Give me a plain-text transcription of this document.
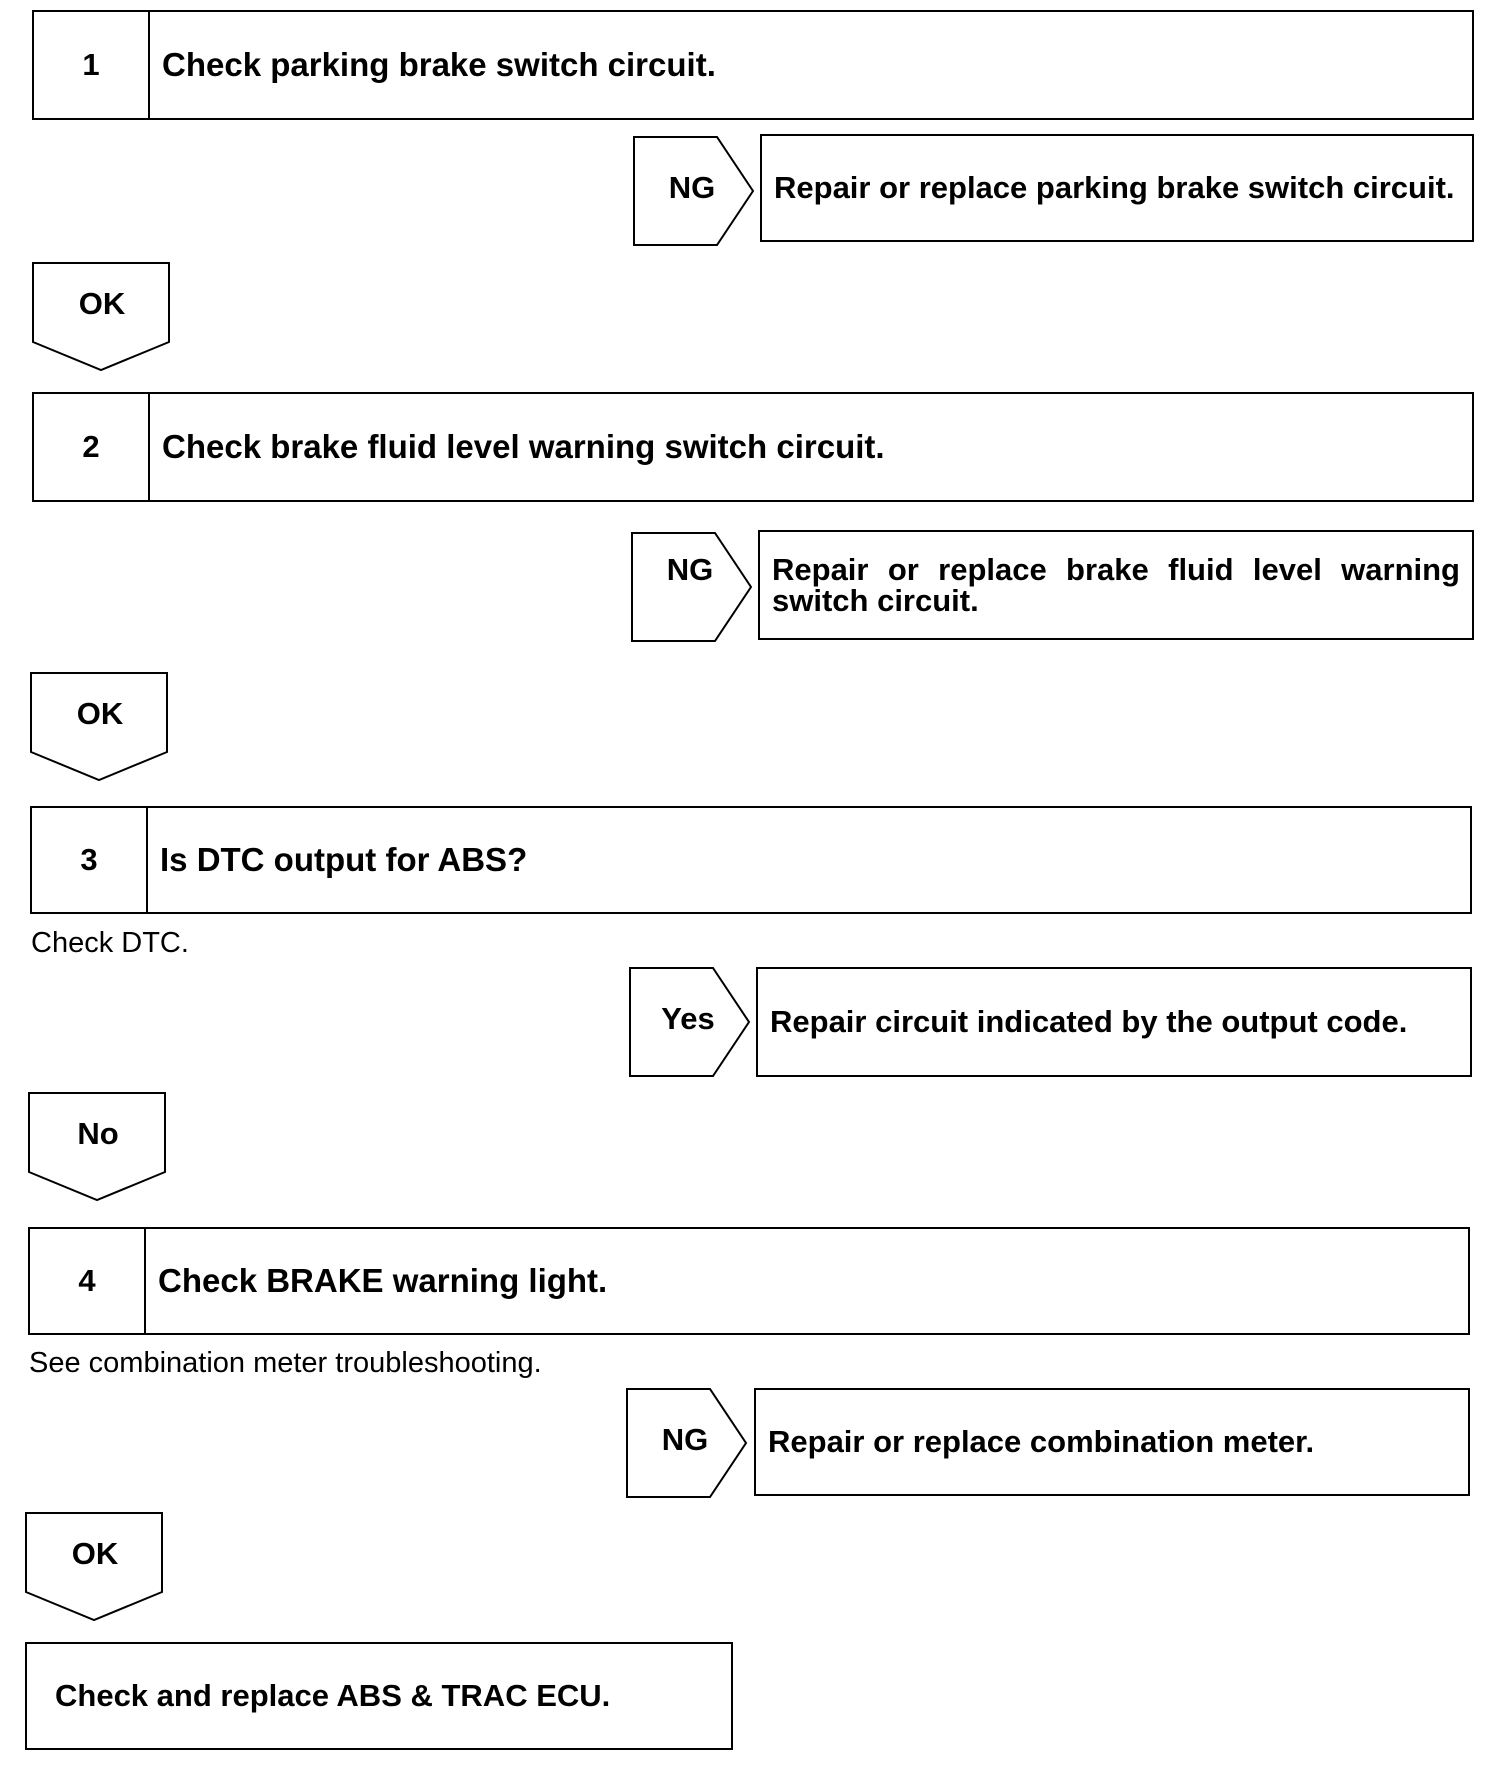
1	Check parking brake switch circuit.
NG	Repair or replace parking brake switch circuit.
OK
2	Check brake fluid level warning switch circuit.
NG	Repair or replace brake fluid level warning switch circuit.
OK
3	Is DTC output for ABS?
Check DTC.
Yes	Repair circuit indicated by the output code.
No
4	Check BRAKE warning light.
See combination meter troubleshooting.
NG	Repair or replace combination meter.
OK
Check and replace ABS & TRAC ECU.
